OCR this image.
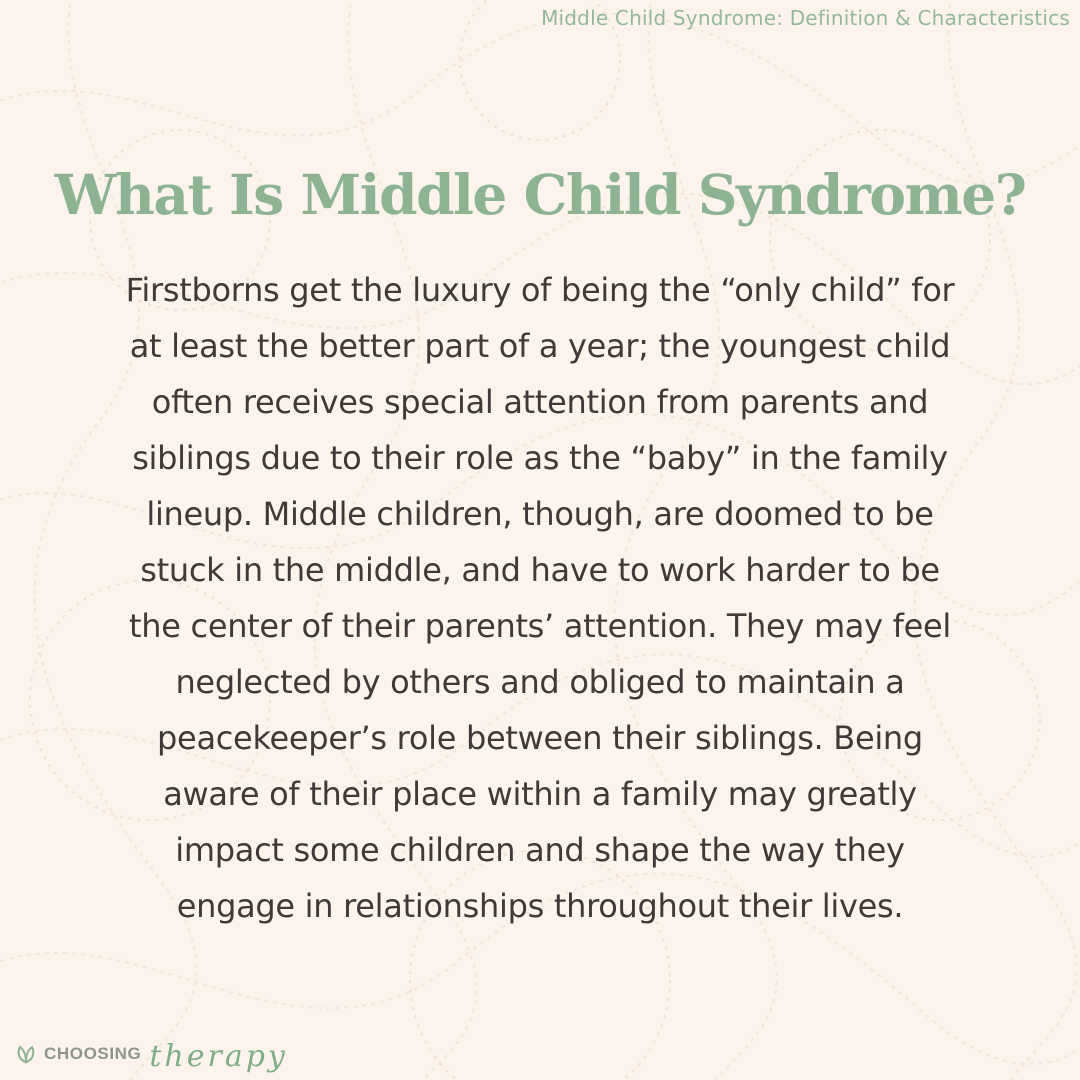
Middle Child Syndrome: Definition & Characteristics
What Is Middle Child Syndrome?
Firstborns get the luxury of being the “only child” for
at least the better part of a year; the youngest child
often receives special attention from parents and
siblings due to their role as the “baby” in the family
lineup. Middle children, though, are doomed to be
stuck in the middle, and have to work harder to be
the center of their parents’ attention. They may feel
neglected by others and obliged to maintain a
peacekeeper’s role between their siblings. Being
aware of their place within a family may greatly
impact some children and shape the way they
engage in relationships throughout their lives.
CHOOSING therapy
